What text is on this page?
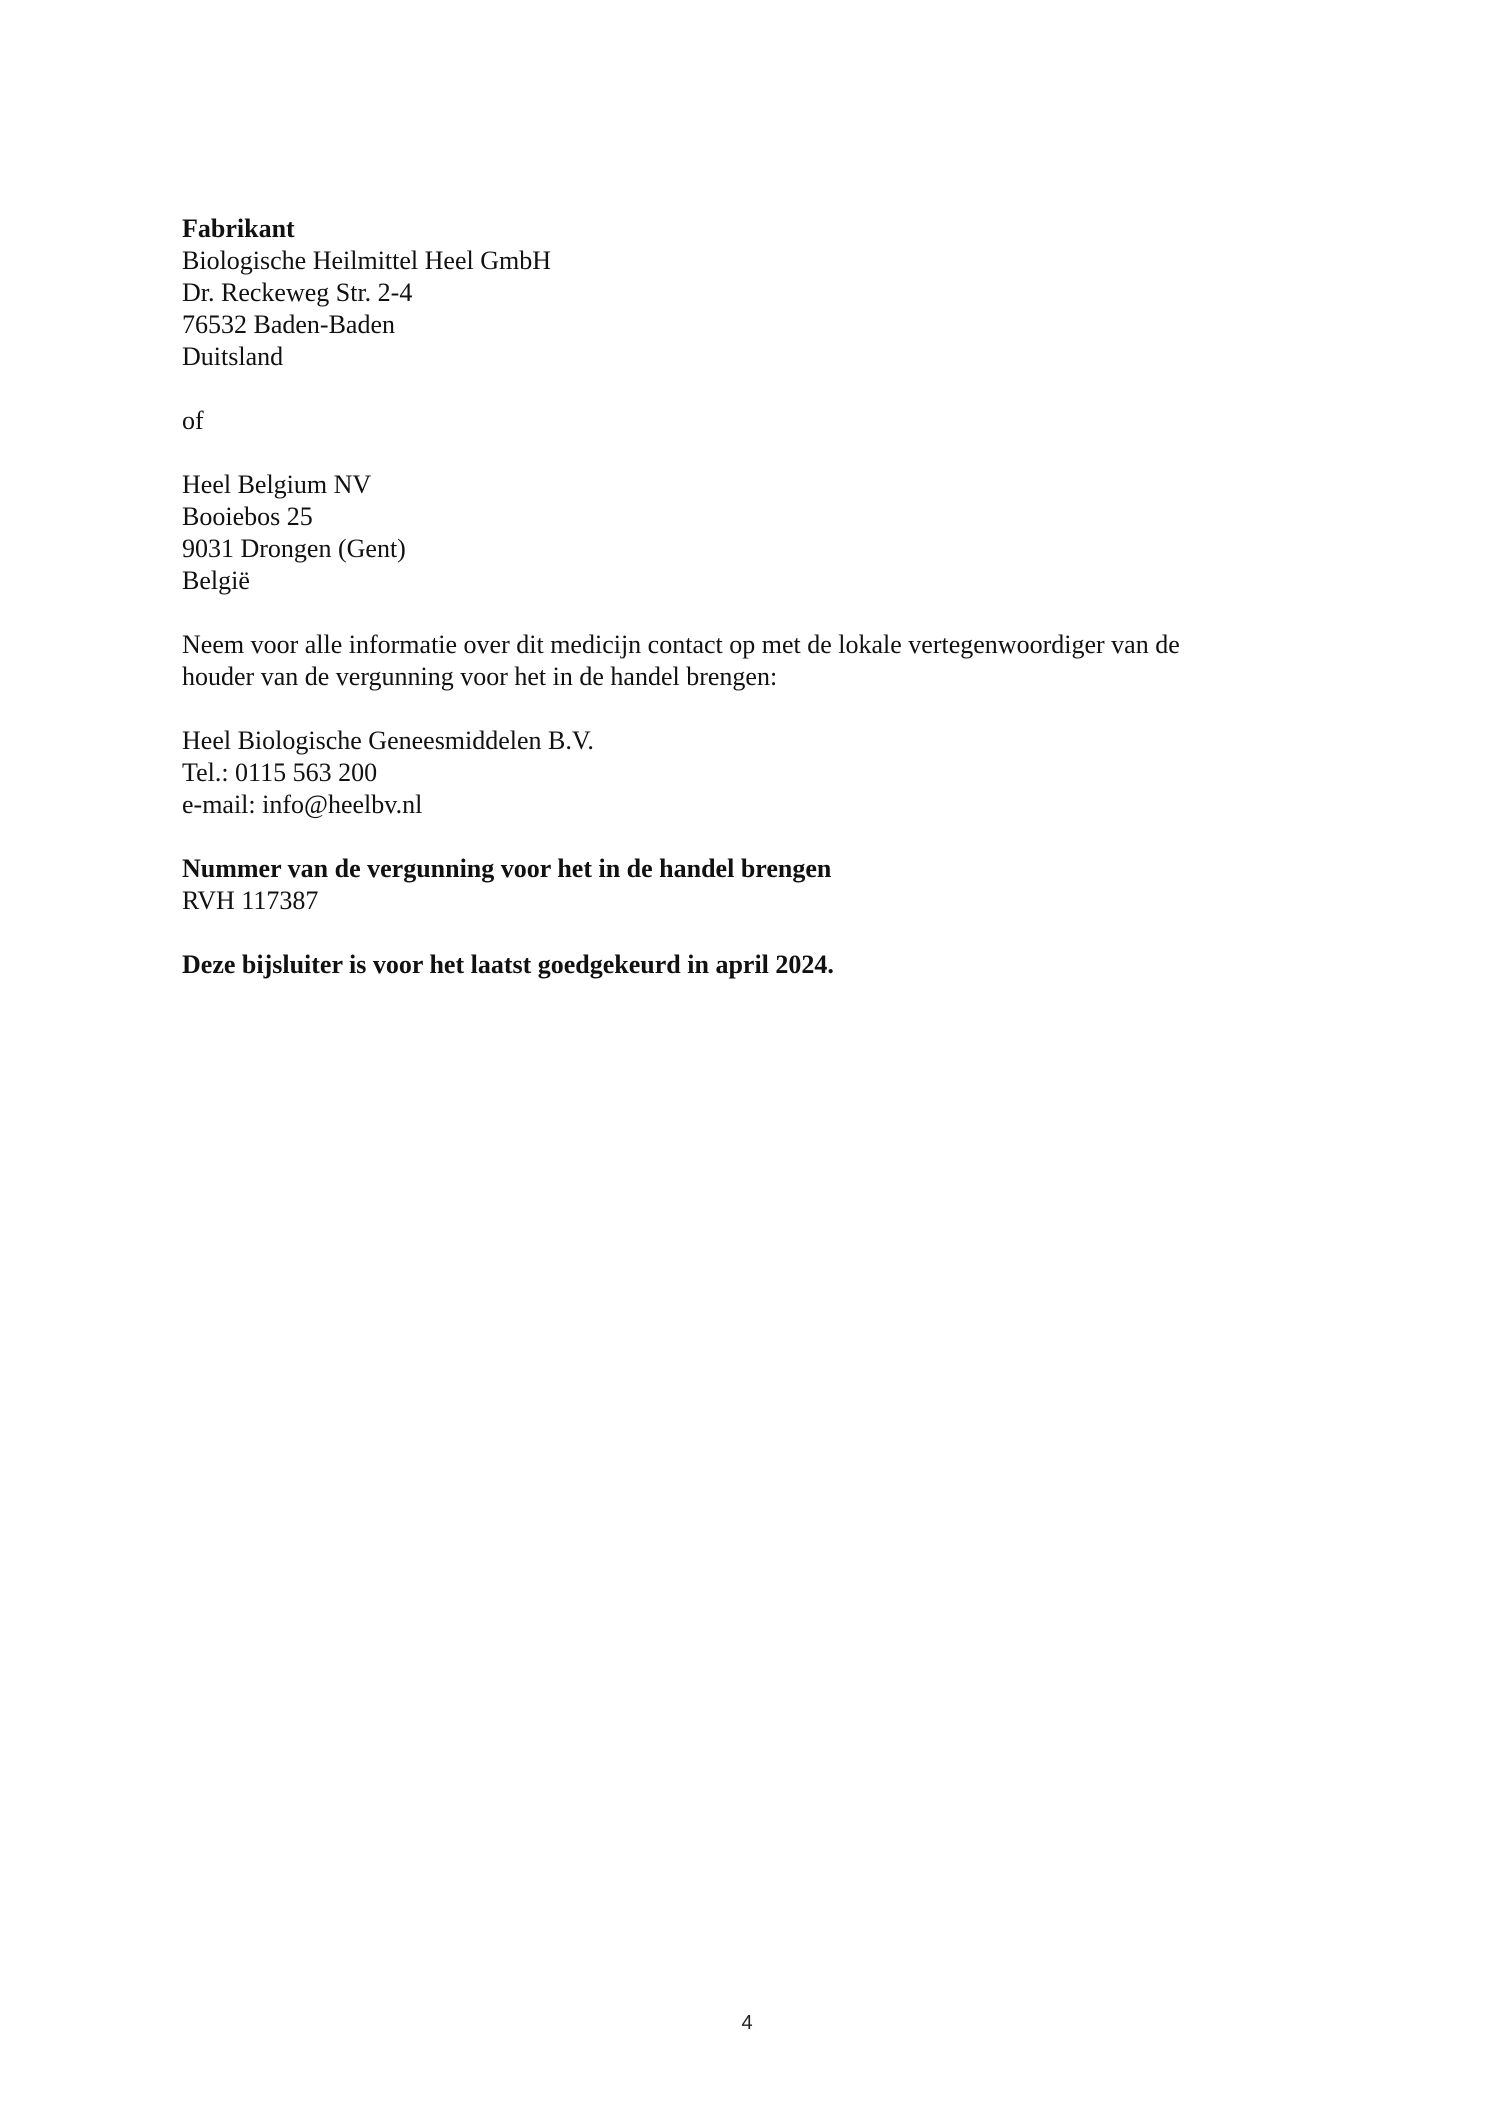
Fabrikant
Biologische Heilmittel Heel GmbH
Dr. Reckeweg Str. 2-4
76532 Baden-Baden
Duitsland
of
Heel Belgium NV
Booiebos 25
9031 Drongen (Gent)
België
Neem voor alle informatie over dit medicijn contact op met de lokale vertegenwoordiger van de
houder van de vergunning voor het in de handel brengen:
Heel Biologische Geneesmiddelen B.V.
Tel.: 0115 563 200
e-mail: info@heelbv.nl
Nummer van de vergunning voor het in de handel brengen
RVH 117387
Deze bijsluiter is voor het laatst goedgekeurd in april 2024.
4
